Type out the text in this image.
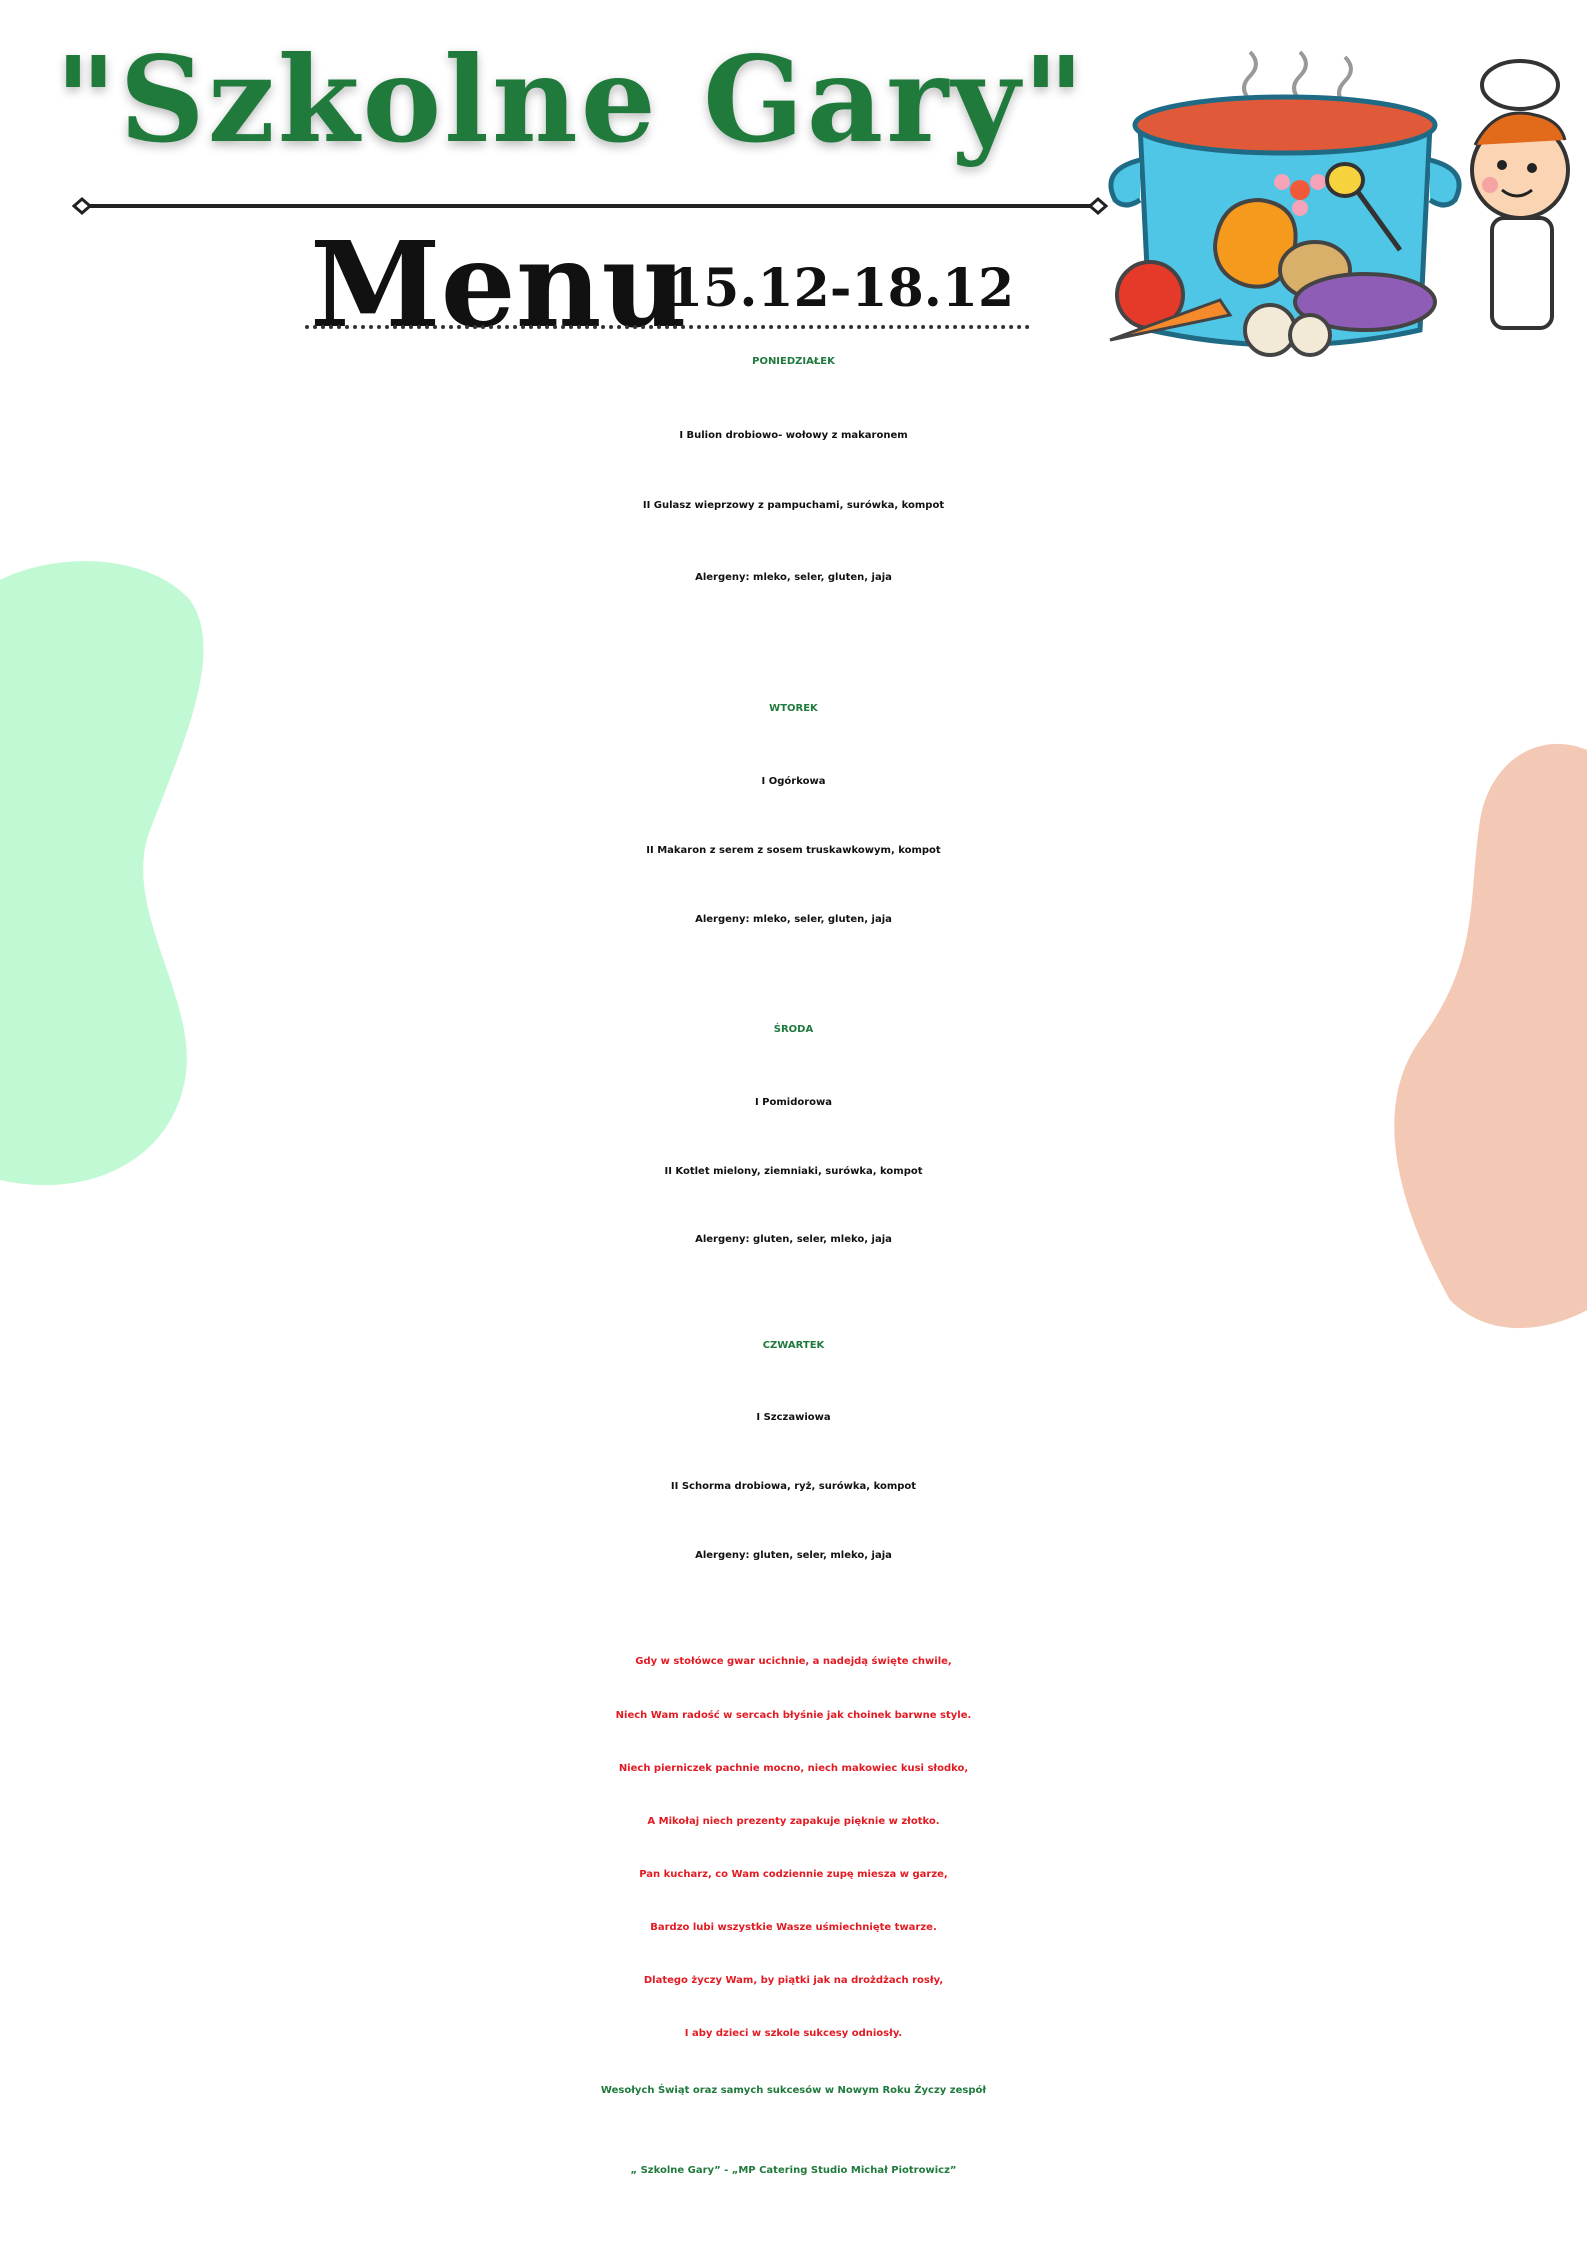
"Szkolne Gary"
Menu
15.12-18.12
PONIEDZIAŁEK
I Bulion drobiowo- wołowy z makaronem
II Gulasz wieprzowy z pampuchami, surówka, kompot
Alergeny: mleko, seler, gluten, jaja
WTOREK
I Ogórkowa
II Makaron z serem z sosem truskawkowym, kompot
Alergeny: mleko, seler, gluten, jaja
ŚRODA
I Pomidorowa
II Kotlet mielony, ziemniaki, surówka, kompot
Alergeny: gluten, seler, mleko, jaja
CZWARTEK
I Szczawiowa
II Schorma drobiowa, ryż, surówka, kompot
Alergeny: gluten, seler, mleko, jaja
Gdy w stołówce gwar ucichnie, a nadejdą święte chwile,
Niech Wam radość w sercach błyśnie jak choinek barwne style.
Niech pierniczek pachnie mocno, niech makowiec kusi słodko,
A Mikołaj niech prezenty zapakuje pięknie w złotko.
Pan kucharz, co Wam codziennie zupę miesza w garze,
Bardzo lubi wszystkie Wasze uśmiechnięte twarze.
Dlatego życzy Wam, by piątki jak na drożdżach rosły,
I aby dzieci w szkole sukcesy odniosły.
Wesołych Świąt oraz samych sukcesów w Nowym Roku Życzy zespół
„ Szkolne Gary” - „MP Catering Studio Michał Piotrowicz”
